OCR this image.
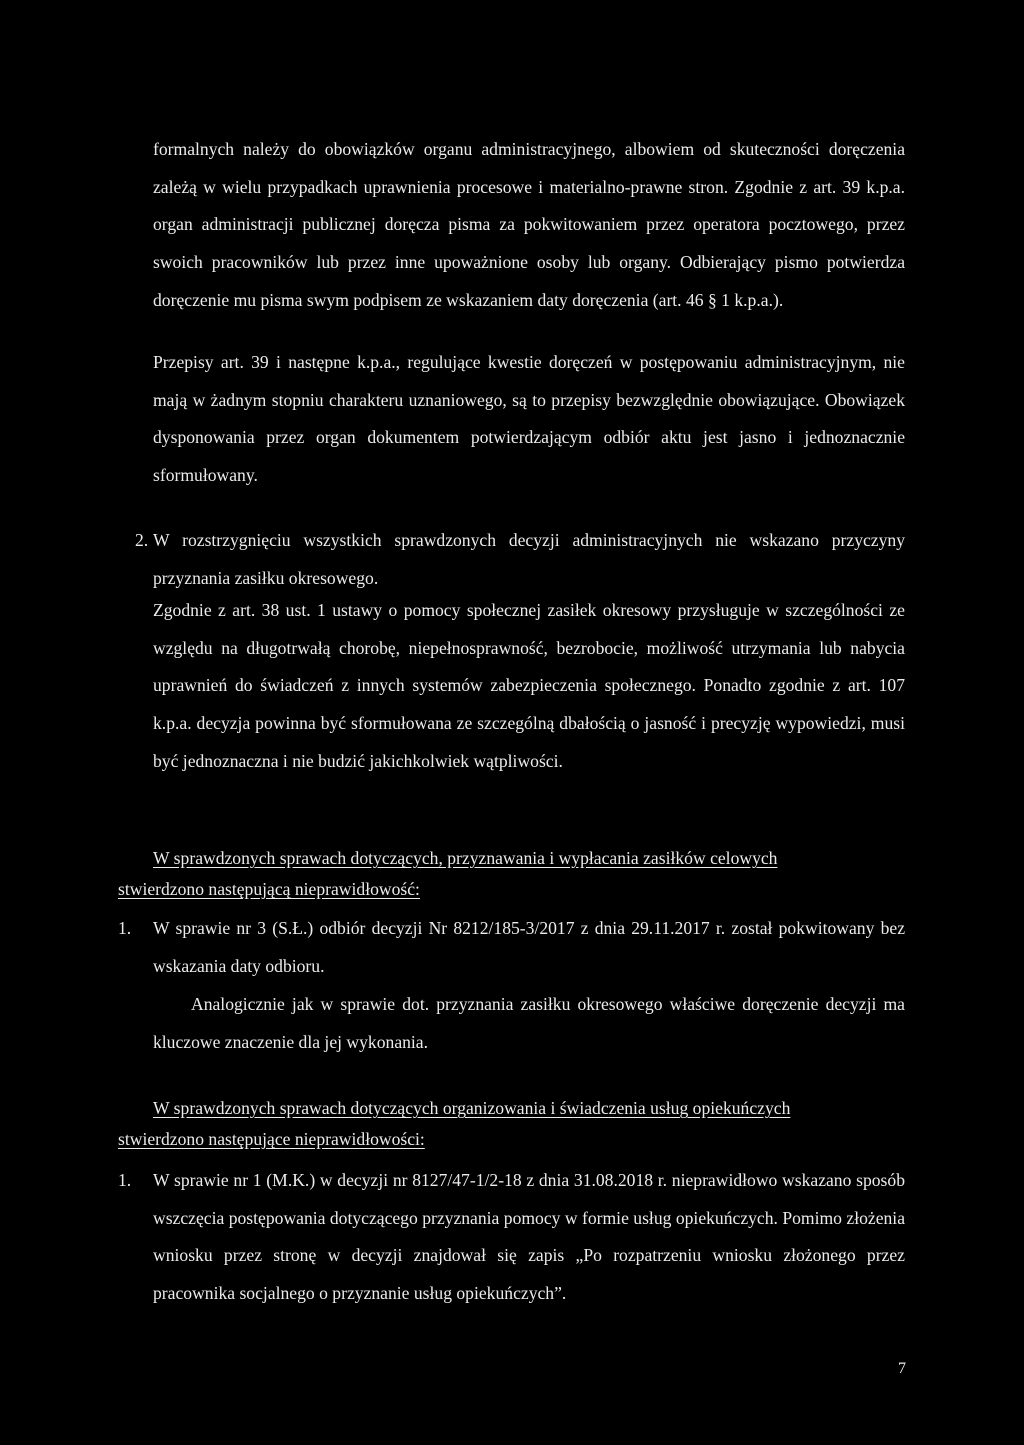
formalnych należy do obowiązków organu administracyjnego, albowiem od skuteczności doręczenia zależą w wielu przypadkach uprawnienia procesowe i materialno-prawne stron. Zgodnie z art. 39 k.p.a. organ administracji publicznej doręcza pisma za pokwitowaniem przez operatora pocztowego, przez swoich pracowników lub przez inne upoważnione osoby lub organy. Odbierający pismo potwierdza doręczenie mu pisma swym podpisem ze wskazaniem daty doręczenia (art. 46 § 1 k.p.a.).
Przepisy art. 39 i następne k.p.a., regulujące kwestie doręczeń w postępowaniu administracyjnym, nie mają w żadnym stopniu charakteru uznaniowego, są to przepisy bezwzględnie obowiązujące. Obowiązek dysponowania przez organ dokumentem potwierdzającym odbiór aktu jest jasno i jednoznacznie sformułowany.
2. W rozstrzygnięciu wszystkich sprawdzonych decyzji administracyjnych nie wskazano przyczyny przyznania zasiłku okresowego.
Zgodnie z art. 38 ust. 1 ustawy o pomocy społecznej zasiłek okresowy przysługuje w szczególności ze względu na długotrwałą chorobę, niepełnosprawność, bezrobocie, możliwość utrzymania lub nabycia uprawnień do świadczeń z innych systemów zabezpieczenia społecznego. Ponadto zgodnie z art. 107 k.p.a. decyzja powinna być sformułowana ze szczególną dbałością o jasność i precyzję wypowiedzi, musi być jednoznaczna i nie budzić jakichkolwiek wątpliwości.
W sprawdzonych sprawach dotyczących, przyznawania i wypłacania zasiłków celowych
stwierdzono następującą nieprawidłowość:
1. W sprawie nr 3 (S.Ł.) odbiór decyzji Nr 8212/185-3/2017 z dnia 29.11.2017 r. został pokwitowany bez wskazania daty odbioru.
Analogicznie jak w sprawie dot. przyznania zasiłku okresowego właściwe doręczenie decyzji ma kluczowe znaczenie dla jej wykonania.
W sprawdzonych sprawach dotyczących organizowania i świadczenia usług opiekuńczych
stwierdzono następujące nieprawidłowości:
1. W sprawie nr 1 (M.K.) w decyzji nr 8127/47-1/2-18 z dnia 31.08.2018 r. nieprawidłowo wskazano sposób wszczęcia postępowania dotyczącego przyznania pomocy w formie usług opiekuńczych. Pomimo złożenia wniosku przez stronę w decyzji znajdował się zapis „Po rozpatrzeniu wniosku złożonego przez pracownika socjalnego o przyznanie usług opiekuńczych”.
7
